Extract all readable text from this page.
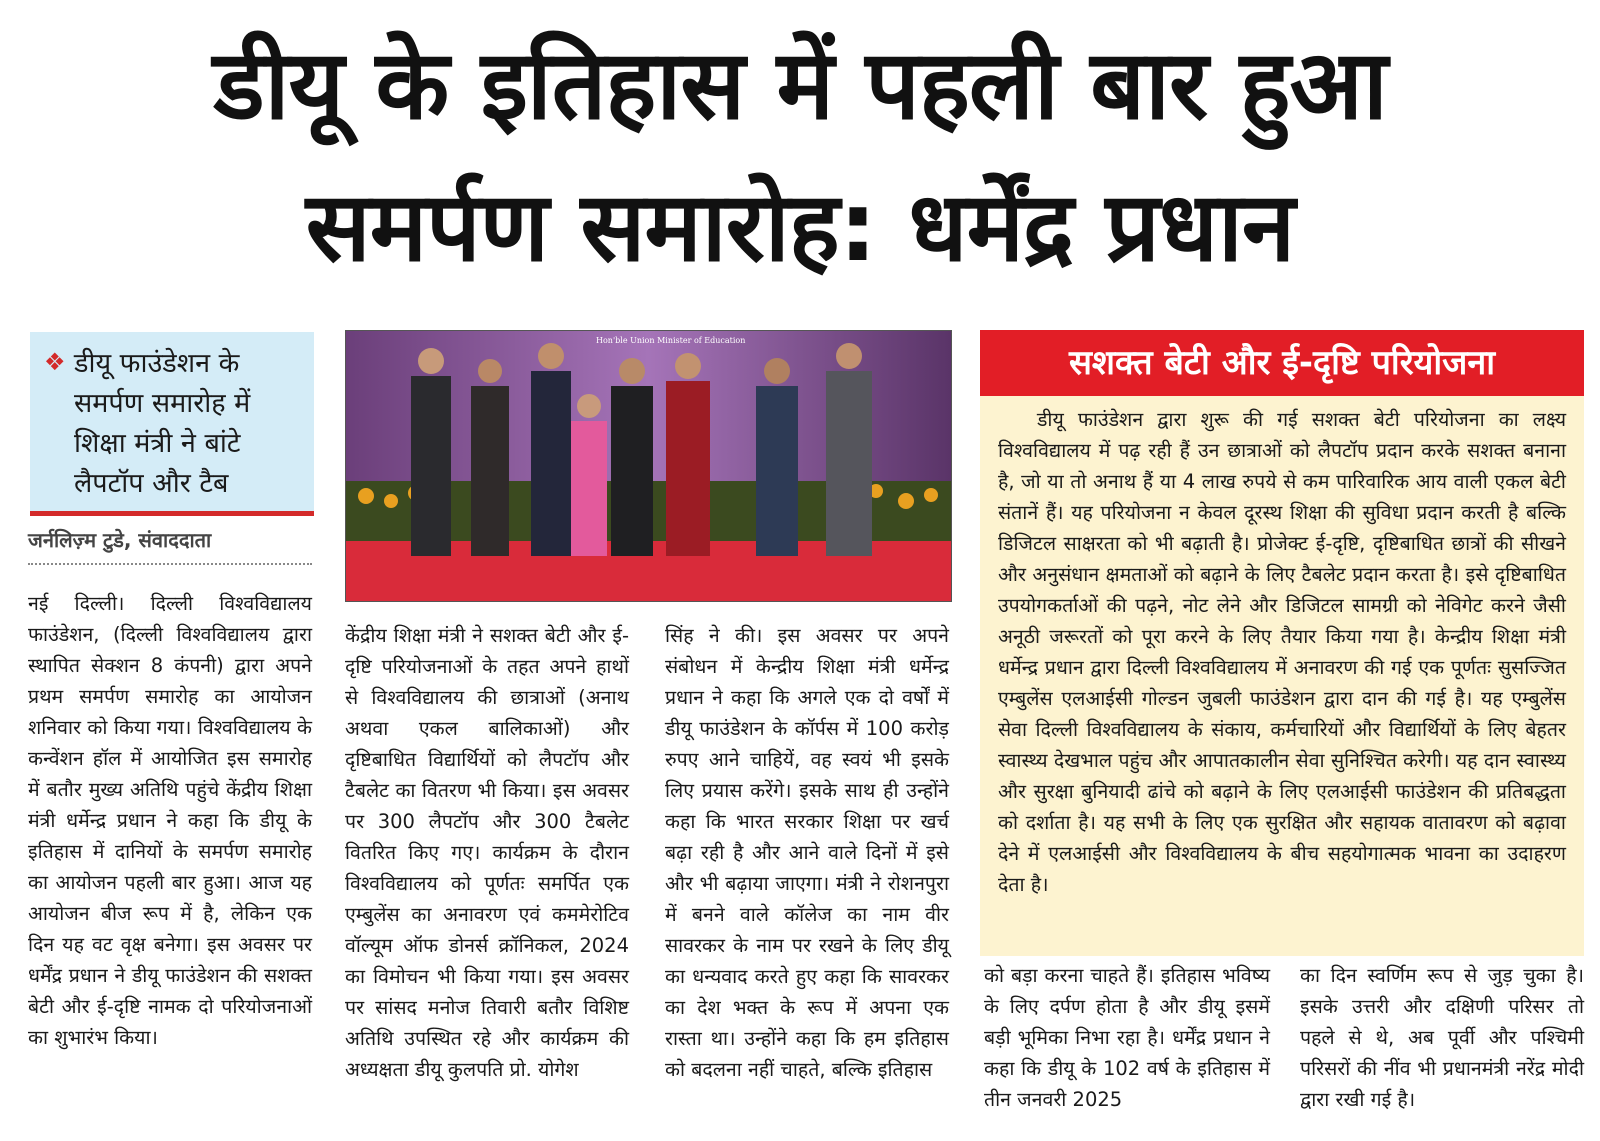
डीयू के इतिहास में पहली बार हुआ
समर्पण समारोह: धर्मेंद्र प्रधान
❖ डीयू फाउंडेशन के समर्पण समारोह में शिक्षा मंत्री ने बांटे लैपटॉप और टैब
जर्नलिज़्म टुडे, संवाददाता
नई दिल्ली। दिल्ली विश्वविद्यालय फाउंडेशन, (दिल्ली विश्वविद्यालय द्वारा स्थापित सेक्शन 8 कंपनी) द्वारा अपने प्रथम समर्पण समारोह का आयोजन शनिवार को किया गया। विश्वविद्यालय के कन्वेंशन हॉल में आयोजित इस समारोह में बतौर मुख्य अतिथि पहुंचे केंद्रीय शिक्षा मंत्री धर्मेन्द्र प्रधान ने कहा कि डीयू के इतिहास में दानियों के समर्पण समारोह का आयोजन पहली बार हुआ। आज यह आयोजन बीज रूप में है, लेकिन एक दिन यह वट वृक्ष बनेगा। इस अवसर पर धर्मेंद्र प्रधान ने डीयू फाउंडेशन की सशक्त बेटी और ई-दृष्टि नामक दो परियोजनाओं का शुभारंभ किया।
Hon'ble Union Minister of Education
केंद्रीय शिक्षा मंत्री ने सशक्त बेटी और ई-दृष्टि परियोजनाओं के तहत अपने हाथों से विश्वविद्यालय की छात्राओं (अनाथ अथवा एकल बालिकाओं) और दृष्टिबाधित विद्यार्थियों को लैपटॉप और टैबलेट का वितरण भी किया। इस अवसर पर 300 लैपटॉप और 300 टैबलेट वितरित किए गए। कार्यक्रम के दौरान विश्वविद्यालय को पूर्णतः समर्पित एक एम्बुलेंस का अनावरण एवं कममेरोटिव वॉल्यूम ऑफ डोनर्स क्रॉनिकल, 2024 का विमोचन भी किया गया। इस अवसर पर सांसद मनोज तिवारी बतौर विशिष्ट अतिथि उपस्थित रहे और कार्यक्रम की अध्यक्षता डीयू कुलपति प्रो. योगेश
सिंह ने की। इस अवसर पर अपने संबोधन में केन्द्रीय शिक्षा मंत्री धर्मेन्द्र प्रधान ने कहा कि अगले एक दो वर्षों में डीयू फाउंडेशन के कॉर्पस में 100 करोड़ रुपए आने चाहियें, वह स्वयं भी इसके लिए प्रयास करेंगे। इसके साथ ही उन्होंने कहा कि भारत सरकार शिक्षा पर खर्च बढ़ा रही है और आने वाले दिनों में इसे और भी बढ़ाया जाएगा। मंत्री ने रोशनपुरा में बनने वाले कॉलेज का नाम वीर सावरकर के नाम पर रखने के लिए डीयू का धन्यवाद करते हुए कहा कि सावरकर का देश भक्त के रूप में अपना एक रास्ता था। उन्होंने कहा कि हम इतिहास को बदलना नहीं चाहते, बल्कि इतिहास
सशक्त बेटी और ई-दृष्टि परियोजना
डीयू फाउंडेशन द्वारा शुरू की गई सशक्त बेटी परियोजना का लक्ष्य विश्वविद्यालय में पढ़ रही हैं उन छात्राओं को लैपटॉप प्रदान करके सशक्त बनाना है, जो या तो अनाथ हैं या 4 लाख रुपये से कम पारिवारिक आय वाली एकल बेटी संतानें हैं। यह परियोजना न केवल दूरस्थ शिक्षा की सुविधा प्रदान करती है बल्कि डिजिटल साक्षरता को भी बढ़ाती है। प्रोजेक्ट ई-दृष्टि, दृष्टिबाधित छात्रों की सीखने और अनुसंधान क्षमताओं को बढ़ाने के लिए टैबलेट प्रदान करता है। इसे दृष्टिबाधित उपयोगकर्ताओं की पढ़ने, नोट लेने और डिजिटल सामग्री को नेविगेट करने जैसी अनूठी जरूरतों को पूरा करने के लिए तैयार किया गया है। केन्द्रीय शिक्षा मंत्री धर्मेन्द्र प्रधान द्वारा दिल्ली विश्वविद्यालय में अनावरण की गई एक पूर्णतः सुसज्जित एम्बुलेंस एलआईसी गोल्डन जुबली फाउंडेशन द्वारा दान की गई है। यह एम्बुलेंस सेवा दिल्ली विश्वविद्यालय के संकाय, कर्मचारियों और विद्यार्थियों के लिए बेहतर स्वास्थ्य देखभाल पहुंच और आपातकालीन सेवा सुनिश्चित करेगी। यह दान स्वास्थ्य और सुरक्षा बुनियादी ढांचे को बढ़ाने के लिए एलआईसी फाउंडेशन की प्रतिबद्धता को दर्शाता है। यह सभी के लिए एक सुरक्षित और सहायक वातावरण को बढ़ावा देने में एलआईसी और विश्वविद्यालय के बीच सहयोगात्मक भावना का उदाहरण देता है।
को बड़ा करना चाहते हैं। इतिहास भविष्य के लिए दर्पण होता है और डीयू इसमें बड़ी भूमिका निभा रहा है। धर्मेंद्र प्रधान ने कहा कि डीयू के 102 वर्ष के इतिहास में तीन जनवरी 2025
का दिन स्वर्णिम रूप से जुड़ चुका है। इसके उत्तरी और दक्षिणी परिसर तो पहले से थे, अब पूर्वी और पश्चिमी परिसरों की नींव भी प्रधानमंत्री नरेंद्र मोदी द्वारा रखी गई है।
